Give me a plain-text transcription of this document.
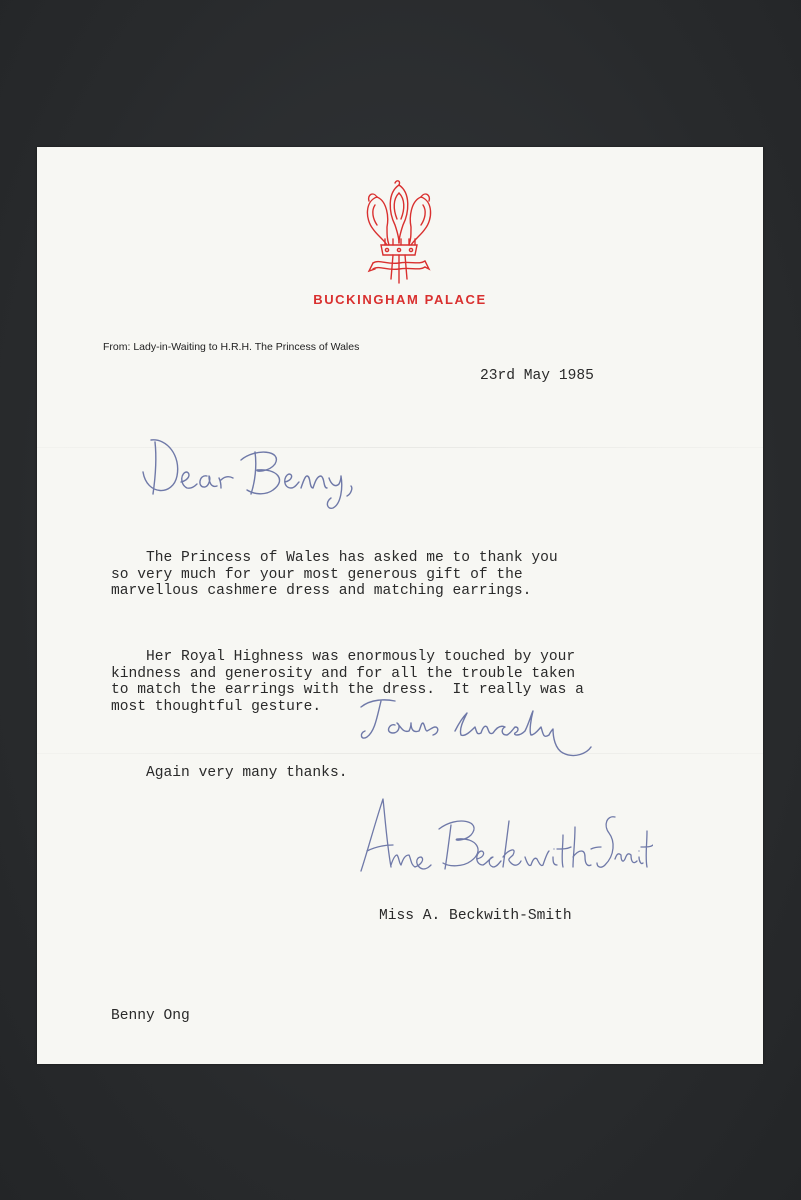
BUCKINGHAM PALACE
From: Lady-in-Waiting to H.R.H. The Princess of Wales
23rd May 1985

The Princess of Wales has asked me to thank you
so very much for your most generous gift of the
marvellous cashmere dress and matching earrings.

Her Royal Highness was enormously touched by your
kindness and generosity and for all the trouble taken
to match the earrings with the dress.  It really was a
most thoughtful gesture.

Again very many thanks.

Miss A. Beckwith-Smith
Benny Ong
